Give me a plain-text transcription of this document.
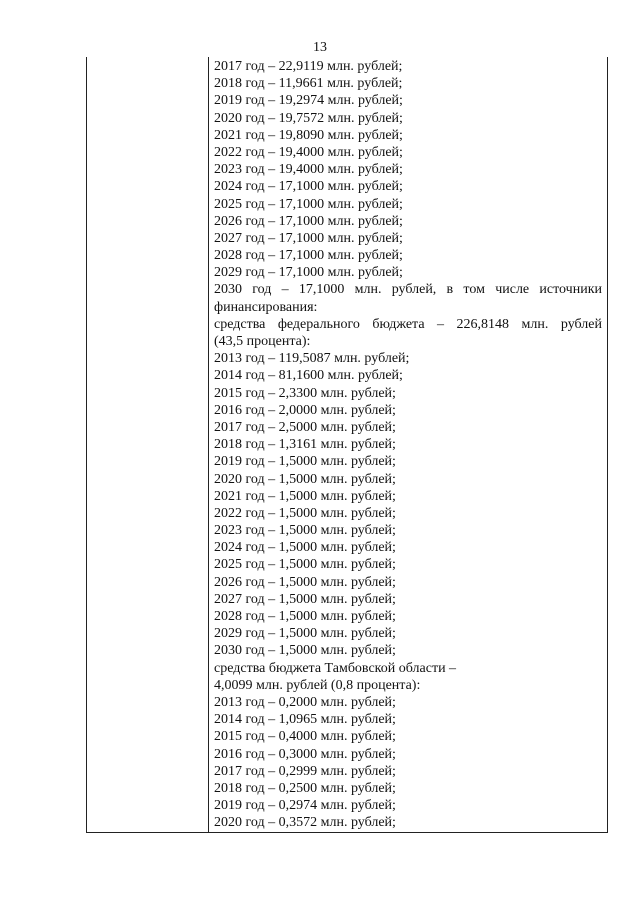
13
2017 год – 22,9119 млн. рублей;
2018 год – 11,9661 млн. рублей;
2019 год – 19,2974 млн. рублей;
2020 год – 19,7572 млн. рублей;
2021 год – 19,8090 млн. рублей;
2022 год – 19,4000 млн. рублей;
2023 год – 19,4000 млн. рублей;
2024 год – 17,1000 млн. рублей;
2025 год – 17,1000 млн. рублей;
2026 год – 17,1000 млн. рублей;
2027 год – 17,1000 млн. рублей;
2028 год – 17,1000 млн. рублей;
2029 год – 17,1000 млн. рублей;
2030 год – 17,1000 млн. рублей, в том числе источники
финансирования:
средства федерального бюджета – 226,8148 млн. рублей
(43,5 процента):
2013 год – 119,5087 млн. рублей;
2014 год – 81,1600 млн. рублей;
2015 год – 2,3300 млн. рублей;
2016 год – 2,0000 млн. рублей;
2017 год – 2,5000 млн. рублей;
2018 год – 1,3161 млн. рублей;
2019 год – 1,5000 млн. рублей;
2020 год – 1,5000 млн. рублей;
2021 год – 1,5000 млн. рублей;
2022 год – 1,5000 млн. рублей;
2023 год – 1,5000 млн. рублей;
2024 год – 1,5000 млн. рублей;
2025 год – 1,5000 млн. рублей;
2026 год – 1,5000 млн. рублей;
2027 год – 1,5000 млн. рублей;
2028 год – 1,5000 млн. рублей;
2029 год – 1,5000 млн. рублей;
2030 год – 1,5000 млн. рублей;
средства бюджета Тамбовской области –
4,0099 млн. рублей (0,8 процента):
2013 год – 0,2000 млн. рублей;
2014 год – 1,0965 млн. рублей;
2015 год – 0,4000 млн. рублей;
2016 год – 0,3000 млн. рублей;
2017 год – 0,2999 млн. рублей;
2018 год – 0,2500 млн. рублей;
2019 год – 0,2974 млн. рублей;
2020 год – 0,3572 млн. рублей;
